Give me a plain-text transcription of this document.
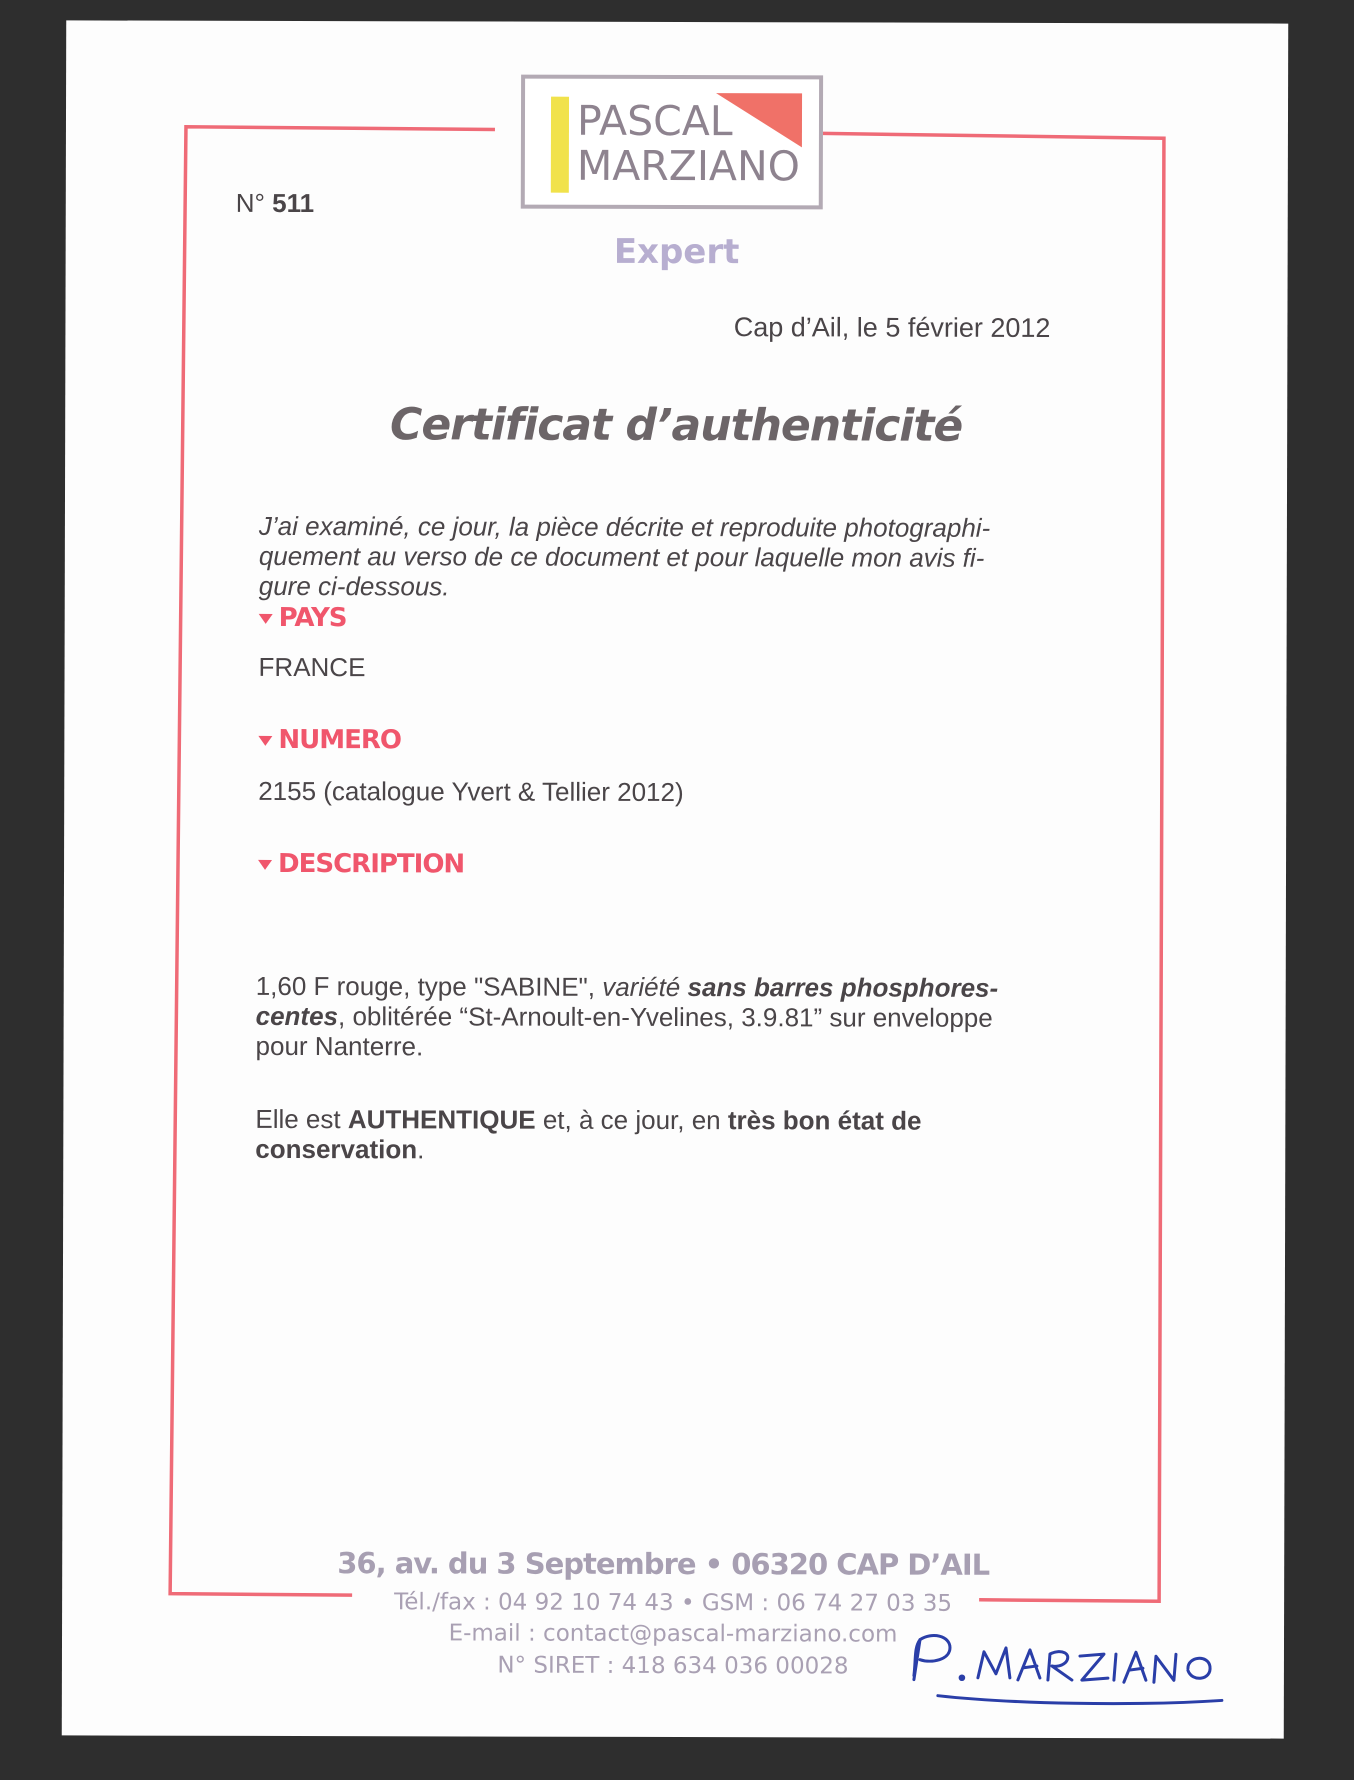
PASCAL
MARZIANO
Expert
N° 511
Cap d’Ail, le 5 février 2012
Certificat d’authenticité
J’ai examiné, ce jour, la pièce décrite et reproduite photographi-
quement au verso de ce document et pour laquelle mon avis fi-
gure ci-dessous.
PAYS
FRANCE
NUMERO
2155 (catalogue Yvert & Tellier 2012)
DESCRIPTION
1,60 F rouge, type "SABINE", variété sans barres phosphores-
centes, oblitérée “St-Arnoult-en-Yvelines, 3.9.81” sur enveloppe
pour Nanterre.
Elle est AUTHENTIQUE et, à ce jour, en très bon état de
conservation.
36, av. du 3 Septembre • 06320 CAP D’AIL
Tél./fax : 04 92 10 74 43 • GSM : 06 74 27 03 35
E-mail : contact@pascal-marziano.com
N° SIRET : 418 634 036 00028
